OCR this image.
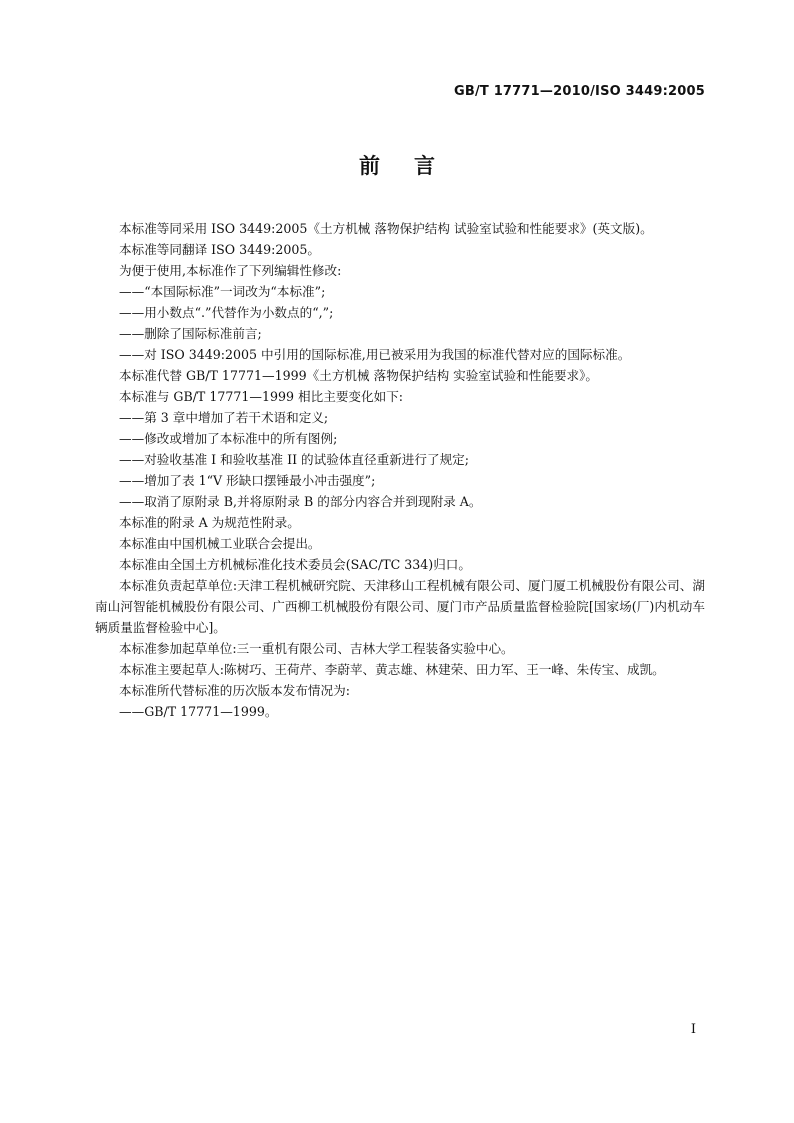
GB/T 17771—2010/ISO 3449:2005
前言

本标准等同采用 ISO 3449:2005《土方机械 落物保护结构 试验室试验和性能要求》(英文版)。

本标准等同翻译 ISO 3449:2005。

为便于使用,本标准作了下列编辑性修改:

——“本国际标准”一词改为“本标准”;

——用小数点“.”代替作为小数点的“,”;

——删除了国际标准前言;

——对 ISO 3449:2005 中引用的国际标准,用已被采用为我国的标准代替对应的国际标准。

本标准代替 GB/T 17771—1999《土方机械 落物保护结构 实验室试验和性能要求》。

本标准与 GB/T 17771—1999 相比主要变化如下:

——第 3 章中增加了若干术语和定义;

——修改或增加了本标准中的所有图例;

——对验收基准 I 和验收基准 II 的试验体直径重新进行了规定;

——增加了表 1“V 形缺口摆锤最小冲击强度”;

——取消了原附录 B,并将原附录 B 的部分内容合并到现附录 A。

本标准的附录 A 为规范性附录。

本标准由中国机械工业联合会提出。

本标准由全国土方机械标准化技术委员会(SAC/TC 334)归口。

本标准负责起草单位:天津工程机械研究院、天津移山工程机械有限公司、厦门厦工机械股份有限公司、湖南山河智能机械股份有限公司、广西柳工机械股份有限公司、厦门市产品质量监督检验院[国家场(厂)内机动车辆质量监督检验中心]。

本标准参加起草单位:三一重机有限公司、吉林大学工程装备实验中心。

本标准主要起草人:陈树巧、王荷芹、李蔚苹、黄志雄、林建荣、田力军、王一峰、朱传宝、成凯。

本标准所代替标准的历次版本发布情况为:

——GB/T 17771—1999。

I
